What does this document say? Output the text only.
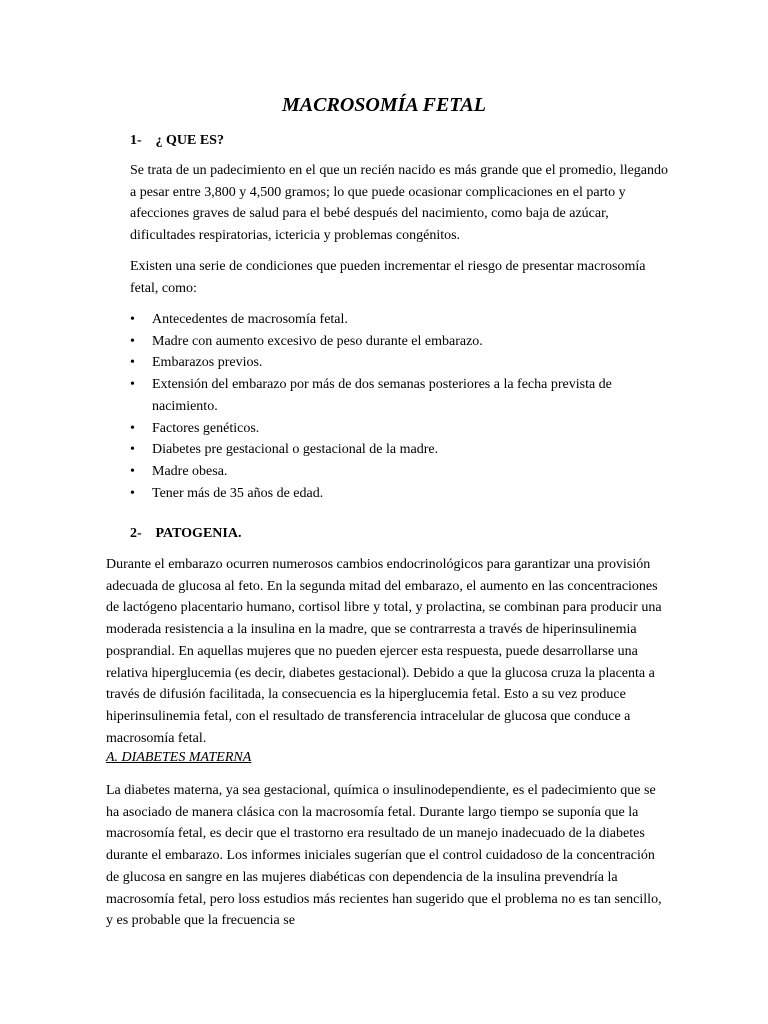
MACROSOMÍA FETAL

1- ¿ QUE ES?

Se trata de un padecimiento en el que un recién nacido es más grande que el promedio, llegando a pesar entre 3,800 y 4,500 gramos; lo que puede ocasionar complicaciones en el parto y afecciones graves de salud para el bebé después del nacimiento, como baja de azúcar, dificultades respiratorias, ictericia y problemas congénitos.

Existen una serie de condiciones que pueden incrementar el riesgo de presentar macrosomía fetal, como:

• Antecedentes de macrosomía fetal.
• Madre con aumento excesivo de peso durante el embarazo.
• Embarazos previos.
• Extensión del embarazo por más de dos semanas posteriores a la fecha prevista de nacimiento.
• Factores genéticos.
• Diabetes pre gestacional o gestacional de la madre.
• Madre obesa.
• Tener más de 35 años de edad.

2- PATOGENIA.

Durante el embarazo ocurren numerosos cambios endocrinológicos para garantizar una provisión adecuada de glucosa al feto. En la segunda mitad del embarazo, el aumento en las concentraciones de lactógeno placentario humano, cortisol libre y total, y prolactina, se combinan para producir una moderada resistencia a la insulina en la madre, que se contrarresta a través de hiperinsulinemia posprandial. En aquellas mujeres que no pueden ejercer esta respuesta, puede desarrollarse una relativa hiperglucemia (es decir, diabetes gestacional). Debido a que la glucosa cruza la placenta a través de difusión facilitada, la consecuencia es la hiperglucemia fetal. Esto a su vez produce hiperinsulinemia fetal, con el resultado de transferencia intracelular de glucosa que conduce a macrosomía fetal.

A. DIABETES MATERNA

La diabetes materna, ya sea gestacional, química o insulinodependiente, es el padecimiento que se ha asociado de manera clásica con la macrosomía fetal. Durante largo tiempo se suponía que la macrosomía fetal, es decir que el trastorno era resultado de un manejo inadecuado de la diabetes durante el embarazo. Los informes iniciales sugerían que el control cuidadoso de la concentración de glucosa en sangre en las mujeres diabéticas con dependencia de la insulina prevendría la macrosomía fetal, pero loss estudios más recientes han sugerido que el problema no es tan sencillo, y es probable que la frecuencia se
